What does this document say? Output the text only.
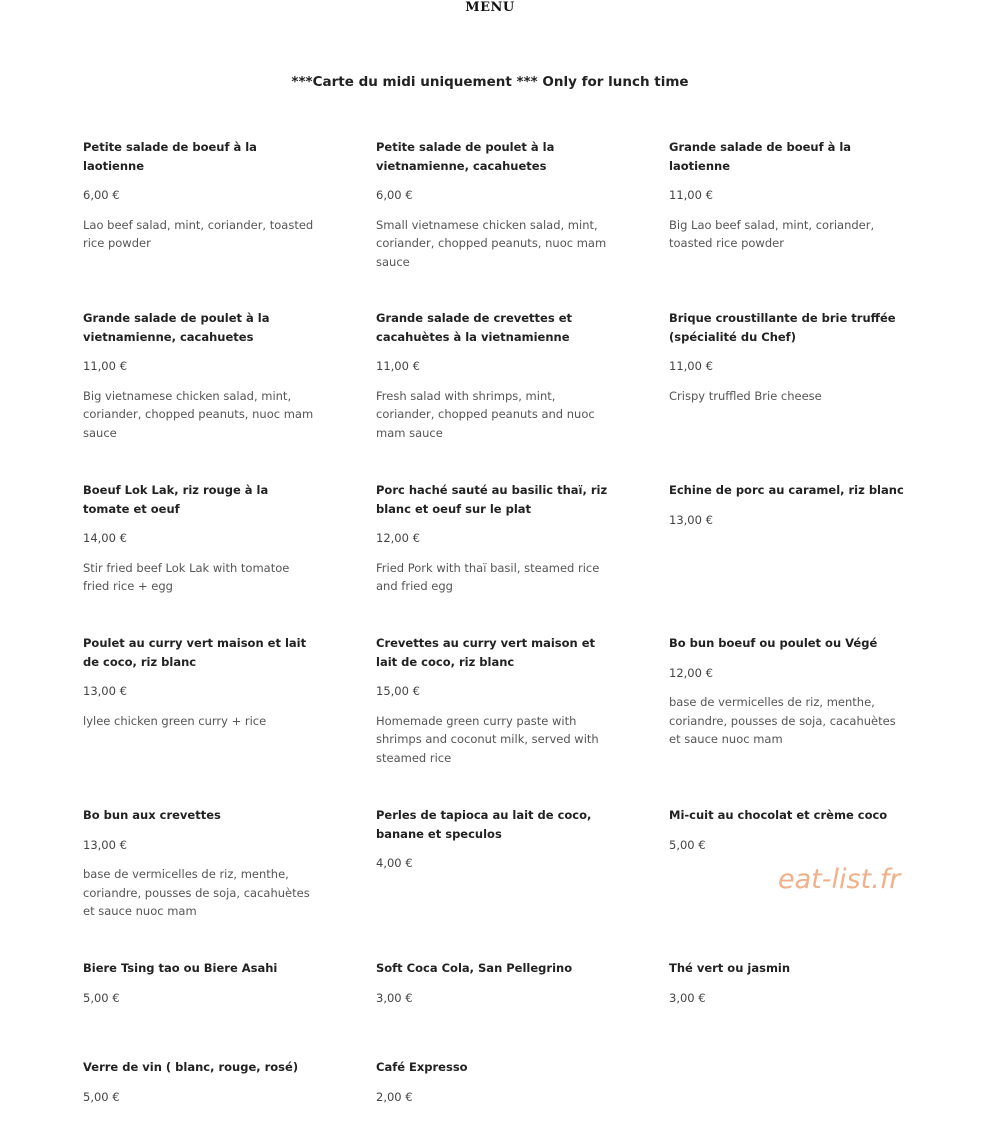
MENU
***Carte du midi uniquement *** Only for lunch time

Petite salade de boeuf à la laotienne

6,00 €

Lao beef salad, mint, coriander, toasted rice powder

Petite salade de poulet à la vietnamienne, cacahuetes

6,00 €

Small vietnamese chicken salad, mint, coriander, chopped peanuts, nuoc mam sauce

Grande salade de boeuf à la laotienne

11,00 €

Big Lao beef salad, mint, coriander, toasted rice powder

Grande salade de poulet à la vietnamienne, cacahuetes

11,00 €

Big vietnamese chicken salad, mint, coriander, chopped peanuts, nuoc mam sauce

Grande salade de crevettes et cacahuètes à la vietnamienne

11,00 €

Fresh salad with shrimps, mint, coriander, chopped peanuts and nuoc mam sauce

Brique croustillante de brie truffée (spécialité du Chef)

11,00 €

Crispy truffled Brie cheese

Boeuf Lok Lak, riz rouge à la tomate et oeuf

14,00 €

Stir fried beef Lok Lak with tomatoe fried rice + egg

Porc haché sauté au basilic thaï, riz blanc et oeuf sur le plat

12,00 €

Fried Pork with thaï basil, steamed rice and fried egg

Echine de porc au caramel, riz blanc

13,00 €

Poulet au curry vert maison et lait de coco, riz blanc

13,00 €

lylee chicken green curry + rice

Crevettes au curry vert maison et lait de coco, riz blanc

15,00 €

Homemade green curry paste with shrimps and coconut milk, served with steamed rice

Bo bun boeuf ou poulet ou Végé

12,00 €

base de vermicelles de riz, menthe, coriandre, pousses de soja, cacahuètes et sauce nuoc mam

Bo bun aux crevettes

13,00 €

base de vermicelles de riz, menthe, coriandre, pousses de soja, cacahuètes et sauce nuoc mam

Perles de tapioca au lait de coco, banane et speculos

4,00 €

Mi-cuit au chocolat et crème coco

5,00 €

Biere Tsing tao ou Biere Asahi

5,00 €

Soft Coca Cola, San Pellegrino

3,00 €

Thé vert ou jasmin

3,00 €

Verre de vin ( blanc, rouge, rosé)

5,00 €

Café Expresso

2,00 €

eat-list.fr
